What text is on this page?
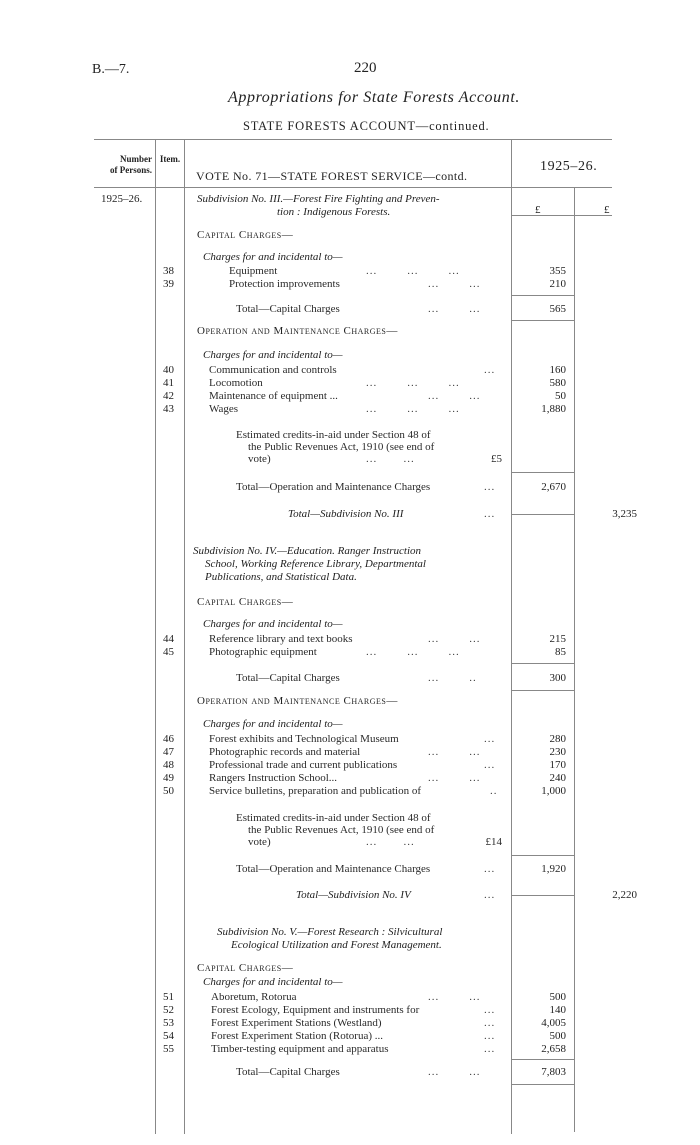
B.—7.	220
Appropriations for State Forests Account.
STATE FORESTS ACCOUNT—continued.
Number
of Persons.
Item.
VOTE No. 71—STATE FOREST SERVICE—contd.
1925–26.
1925–26.
£	£
Subdivision No. III.—Forest Fire Fighting and Preven-
tion : Indigenous Forests.
Capital Charges—
Charges for and incidental to—
38	Equipment	...        ...        ...	355
39	Protection improvements	...        ...	210
Total—Capital Charges	...        ...	565
Operation and Maintenance Charges—
Charges for and incidental to—
40	Communication and controls	...	160
41	Locomotion	...        ...        ...	580
42	Maintenance of equipment ...	...        ...	50
43	Wages	...        ...        ...	1,880
Estimated credits-in-aid under Section 48 of
the Public Revenues Act, 1910 (see end of
vote)	...       ...	£5
Total—Operation and Maintenance Charges	...	2,670
Total—Subdivision No. III	...	3,235
Subdivision No. IV.—Education. Ranger Instruction
School, Working Reference Library, Departmental
Publications, and Statistical Data.
Capital Charges—
Charges for and incidental to—
44	Reference library and text books	...        ...	215
45	Photographic equipment	...        ...        ...	85
Total—Capital Charges	...        ..	300
Operation and Maintenance Charges—
Charges for and incidental to—
46	Forest exhibits and Technological Museum	...	280
47	Photographic records and material	...        ...	230
48	Professional trade and current publications	...	170
49	Rangers Instruction School...	...        ...	240
50	Service bulletins, preparation and publication of	..	1,000
Estimated credits-in-aid under Section 48 of
the Public Revenues Act, 1910 (see end of
vote)	...       ...	£14
Total—Operation and Maintenance Charges	...	1,920
Total—Subdivision No. IV	...	2,220
Subdivision No. V.—Forest Research : Silvicultural
Ecological Utilization and Forest Management.
Capital Charges—
Charges for and incidental to—
51	Aboretum, Rotorua	...        ...	500
52	Forest Ecology, Equipment and instruments for	...	140
53	Forest Experiment Stations (Westland)	...	4,005
54	Forest Experiment Station (Rotorua) ...	...	500
55	Timber-testing equipment and apparatus	...	2,658
Total—Capital Charges	...        ...	7,803
